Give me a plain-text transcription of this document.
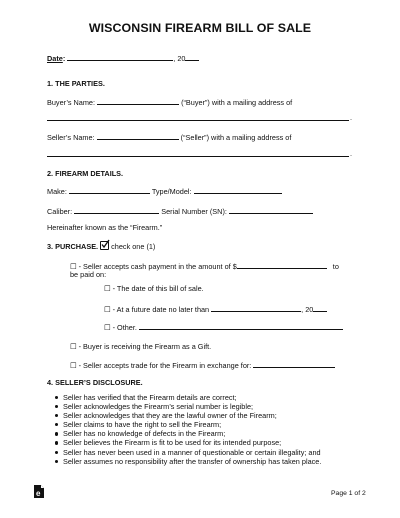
WISCONSIN FIREARM BILL OF SALE
Date:	, 20
1. THE PARTIES.
Buyer’s Name:	(“Buyer”) with a mailing address of
.
Seller’s Name:	(“Seller”) with a mailing address of
.
2. FIREARM DETAILS.
Make:	Type/Model:
Caliber:	Serial Number (SN):
Hereinafter known as the “Firearm.”
3. PURCHASE. check one (1)
☐ - Seller accepts cash payment in the amount of $	to
be paid on:
☐ - The date of this bill of sale.
☐ - At a future date no later than	, 20
☐ - Other.
☐ - Buyer is receiving the Firearm as a Gift.
☐ - Seller accepts trade for the Firearm in exchange for:
4. SELLER’S DISCLOSURE.
Seller has verified that the Firearm details are correct;
Seller acknowledges the Firearm’s serial number is legible;
Seller acknowledges that they are the lawful owner of the Firearm;
Seller claims to have the right to sell the Firearm;
Seller has no knowledge of defects in the Firearm;
Seller believes the Firearm is fit to be used for its intended purpose;
Seller has never been used in a manner of questionable or certain illegality; and
Seller assumes no responsibility after the transfer of ownership has taken place.
e	Page 1 of 2
